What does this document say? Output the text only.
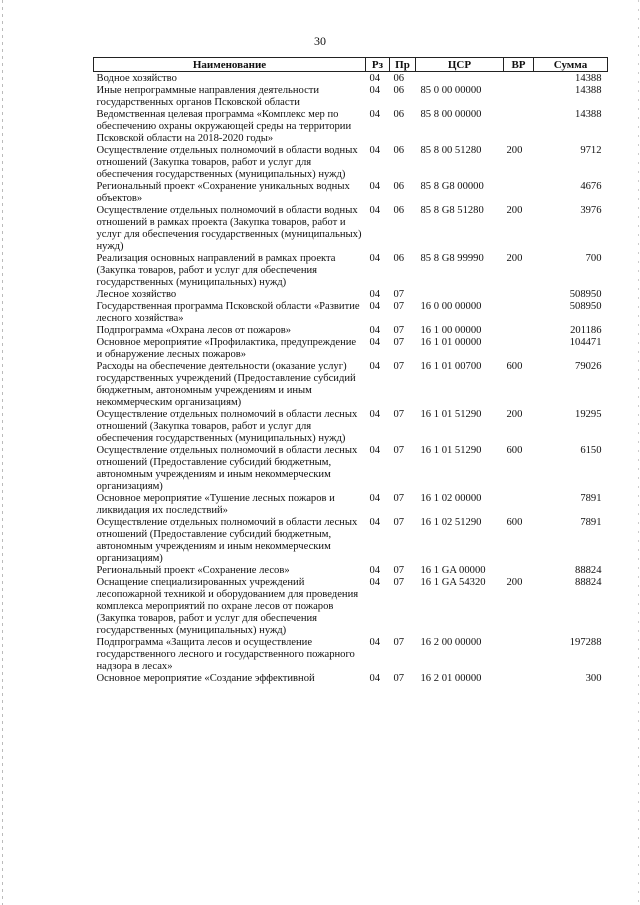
30
Наименование	Рз	Пр	ЦСР	ВР	Сумма
Водное хозяйство	04	06			14388
Иные непрограммные направления деятельности государственных органов Псковской области	04	06	85 0 00 00000		14388
Ведомственная целевая программа «Комплекс мер по обеспечению охраны окружающей среды на территории Псковской области на 2018-2020 годы»	04	06	85 8 00 00000		14388
Осуществление отдельных полномочий в области водных отношений (Закупка товаров, работ и услуг для обеспечения государственных (муниципальных) нужд)	04	06	85 8 00 51280	200	9712
Региональный проект «Сохранение уникальных водных объектов»	04	06	85 8 G8 00000		4676
Осуществление отдельных полномочий в области водных отношений в рамках проекта (Закупка товаров, работ и услуг для обеспечения государственных (муниципальных) нужд)	04	06	85 8 G8 51280	200	3976
Реализация основных направлений в рамках проекта (Закупка товаров, работ и услуг для обеспечения государственных (муниципальных) нужд)	04	06	85 8 G8 99990	200	700
Лесное хозяйство	04	07			508950
Государственная программа Псковской области «Развитие лесного хозяйства»	04	07	16 0 00 00000		508950
Подпрограмма «Охрана лесов от пожаров»	04	07	16 1 00 00000		201186
Основное мероприятие «Профилактика, предупреждение и обнаружение лесных пожаров»	04	07	16 1 01 00000		104471
Расходы на обеспечение деятельности (оказание услуг) государственных учреждений (Предоставление субсидий бюджетным, автономным учреждениям и иным некоммерческим организациям)	04	07	16 1 01 00700	600	79026
Осуществление отдельных полномочий в области лесных отношений (Закупка товаров, работ и услуг для обеспечения государственных (муниципальных) нужд)	04	07	16 1 01 51290	200	19295
Осуществление отдельных полномочий в области лесных отношений (Предоставление субсидий бюджетным, автономным учреждениям и иным некоммерческим организациям)	04	07	16 1 01 51290	600	6150
Основное мероприятие «Тушение лесных пожаров и ликвидация их последствий»	04	07	16 1 02 00000		7891
Осуществление отдельных полномочий в области лесных отношений (Предоставление субсидий бюджетным, автономным учреждениям и иным некоммерческим организациям)	04	07	16 1 02 51290	600	7891
Региональный проект «Сохранение лесов»	04	07	16 1 GA 00000		88824
Оснащение специализированных учреждений лесопожарной техникой и оборудованием для проведения комплекса мероприятий по охране лесов от пожаров (Закупка товаров, работ и услуг для обеспечения государственных (муниципальных) нужд)	04	07	16 1 GA 54320	200	88824
Подпрограмма «Защита лесов и осуществление государственного лесного и государственного пожарного надзора в лесах»	04	07	16 2 00 00000		197288
Основное мероприятие «Создание эффективной	04	07	16 2 01 00000		300
